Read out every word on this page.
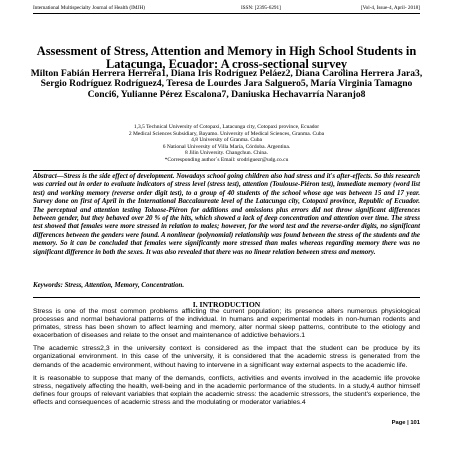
International Multispecialty Journal of Health (IMJH)	ISSN: [2395-6291]	[Vol-4, Issue-4, April- 2018]
Assessment of Stress, Attention and Memory in High School Students in Latacunga, Ecuador: A cross-sectional survey
Milton Fabián Herrera Herrera1, Diana Iris Rodríguez Peláez2, Diana Carolina Herrera Jara3, Sergio Rodríguez Rodríguez4, Teresa de Lourdes Jara Salguero5, María Virginia Tamagno Conci6, Yulianne Pérez Escalona7, Daniuska Hechavarría Naranjo8
1,3,5 Technical University of Cotopaxi, Latacunga city, Cotopaxi province, Ecuador
2 Medical Sciences Subsidiary, Bayamo. University of Medical Sciences, Granma. Cuba
4,8 University of Granma. Cuba
6 National University of Villa María, Córdoba. Argentina.
8 Jilin University. Changchun. China.
*Corresponding author´s Email: srodriguezr@udg.co.cu
Abstract—Stress is the side effect of development. Nowadays school going children also had stress and it's after-effects. So this research was carried out in order to evaluate indicators of stress level (stress test), attention (Toulouse-Piéron test), immediate memory (word list test) and working memory (reverse order digit test), to a group of 40 students of the school whose age was between 15 and 17 year. Survey done on first of April in the International Baccalaureate level of the Latacunga city, Cotopaxi province, Republic of Ecuador. The perceptual and attention testing Toluose-Piéron for additions and omissions plus errors did not throw significant differences between gender, but they behaved over 20 % of the hits, which showed a lack of deep concentration and attention over time. The stress test showed that females were more stressed in relation to males; however, for the word test and the reverse-order digits, no significant differences between the genders were found. A nonlinear (polynomial) relationship was found between the stress of the students and the memory. So it can be concluded that females were significantly more stressed than males whereas regarding memory there was no significant difference in both the sexes. It was also revealed that there was no linear relation between stress and memory.
Keywords: Stress, Attention, Memory, Concentration.
I. INTRODUCTION

Stress is one of the most common problems afflicting the current population; its presence alters numerous physiological processes and normal behavioral patterns of the individual. In humans and experimental models in non-human rodents and primates, stress has been shown to affect learning and memory, alter normal sleep patterns, contribute to the etiology and exacerbation of diseases and relate to the onset and maintenance of addictive behaviors.1

The academic stress2,3 in the university context is considered as the impact that the student can be produce by its organizational environment. In this case of the university, it is considered that the academic stress is generated from the demands of the academic environment, without having to intervene in a significant way external aspects to the academic life.

It is reasonable to suppose that many of the demands, conflicts, activities and events involved in the academic life provoke stress, negatively affecting the health, well-being and in the academic performance of the students. In a study,4 author himself defines four groups of relevant variables that explain the academic stress: the academic stressors, the student's experience, the effects and consequences of academic stress and the modulating or moderator variables.4

Page | 101
